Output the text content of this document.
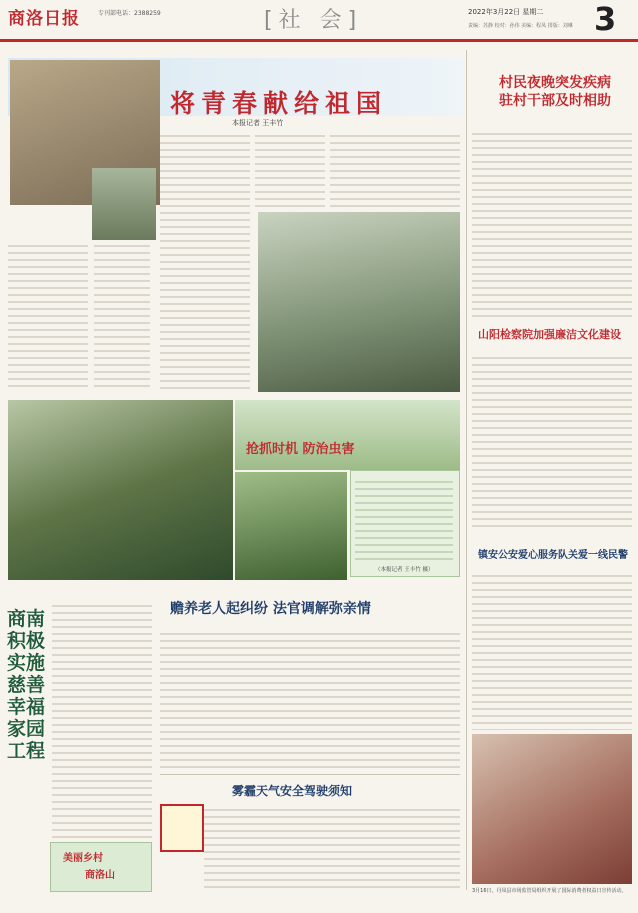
商洛日报	专刊部电话：2388259	[社 会]	2022年3月22日 星期二
责编：苏静 校对：孙伟 美编：程凤 排版：刘琳 3
将青春献给祖国
本报记者 王丰竹
村民夜晚突发疾病
驻村干部及时相助
山阳检察院加强廉洁文化建设
镇安公安爱心服务队关爱一线民警
抢抓时机 防治虫害
（本报记者 王丰竹 摄）
商南积极实施慈善幸福家园工程
美丽乡村
商洛山
赡养老人起纠纷 法官调解弥亲情
雾霾天气安全驾驶须知
3月16日，丹凤县市场监管局组织开展了国际消费者权益日宣传活动。
